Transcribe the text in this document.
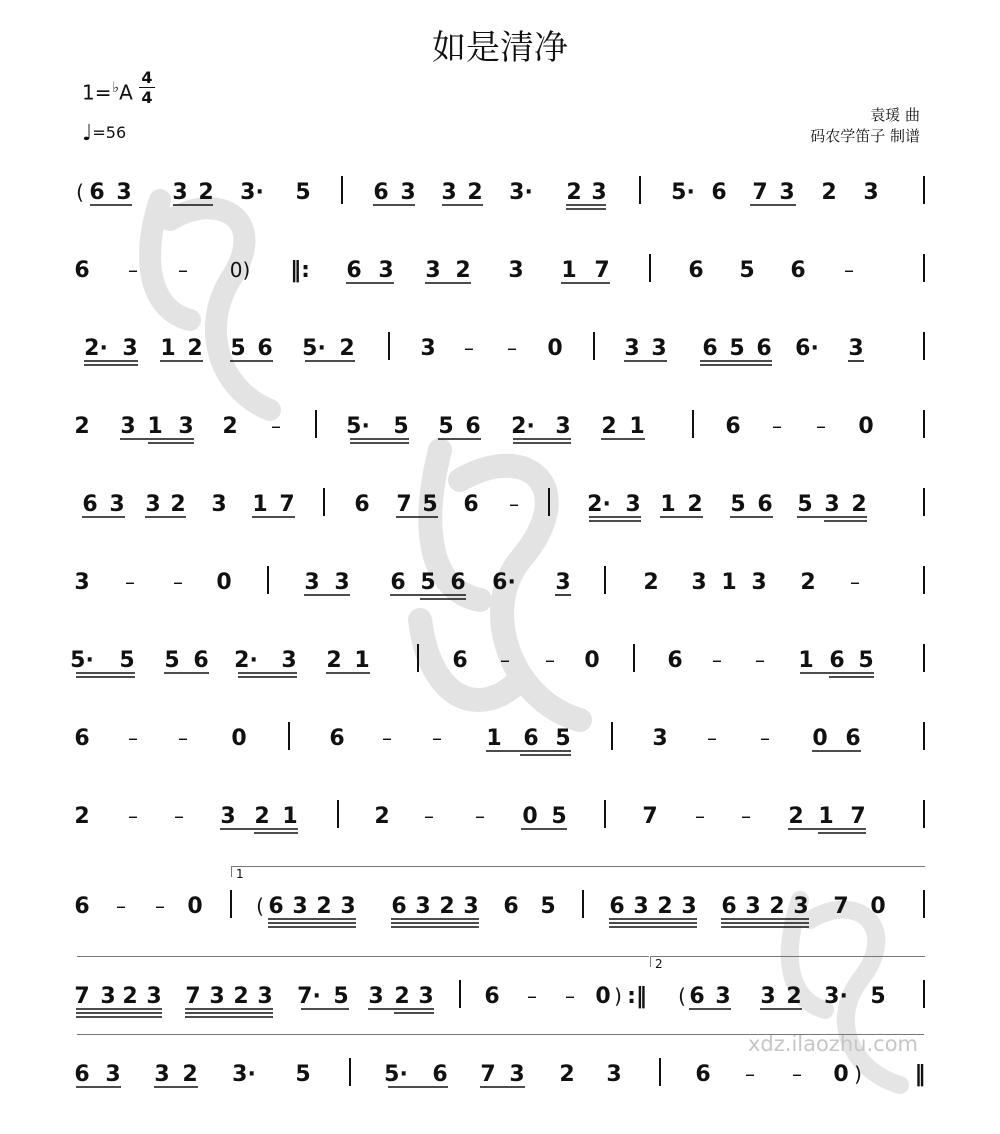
如是清净
1=♭A
4
4
♩=56
袁瑗 曲
码农学笛子 制谱
xdz.ilaozhu.com
( 6 3 3 2 3· 5	6 3 3 2 3· 2 3	5· 6 7 3 2 3
6 – – 0) ‖: 6 3 3 2 3 1 7	6 5 6 –
2· 3 1 2 5 6 5· 2	3 – – 0	3 3 6 5 6 6· 3
2 3 1 3 2 –	5· 5 5 6 2· 3 2 1	6 – – 0
6 3 3 2 3 1 7	6 7 5 6 –	2· 3 1 2 5 6 5 3 2
3 – – 0	3 3 6 5 6 6· 3	2 3 1 3 2 –
5· 5 5 6 2· 3 2 1	6 – – 0	6 – – 1 6 5
6 – – 0	6 – – 1 6 5	3 – – 0 6
2 – – 3 2 1	2 – – 0 5	7 – – 2 1 7
6 – – 0	( 6 3 2 3 6 3 2 3 6 5 6 3 2 3 6 3 2 3 7 0
7 3 2 3 7 3 2 3 7· 5 3 2 3 6 – – 0 ) :‖ ( 6 3 3 2 3· 5
6 3 3 2 3· 5	5· 6 7 3 2 3	6 – – 0 ) ‖
1
2
